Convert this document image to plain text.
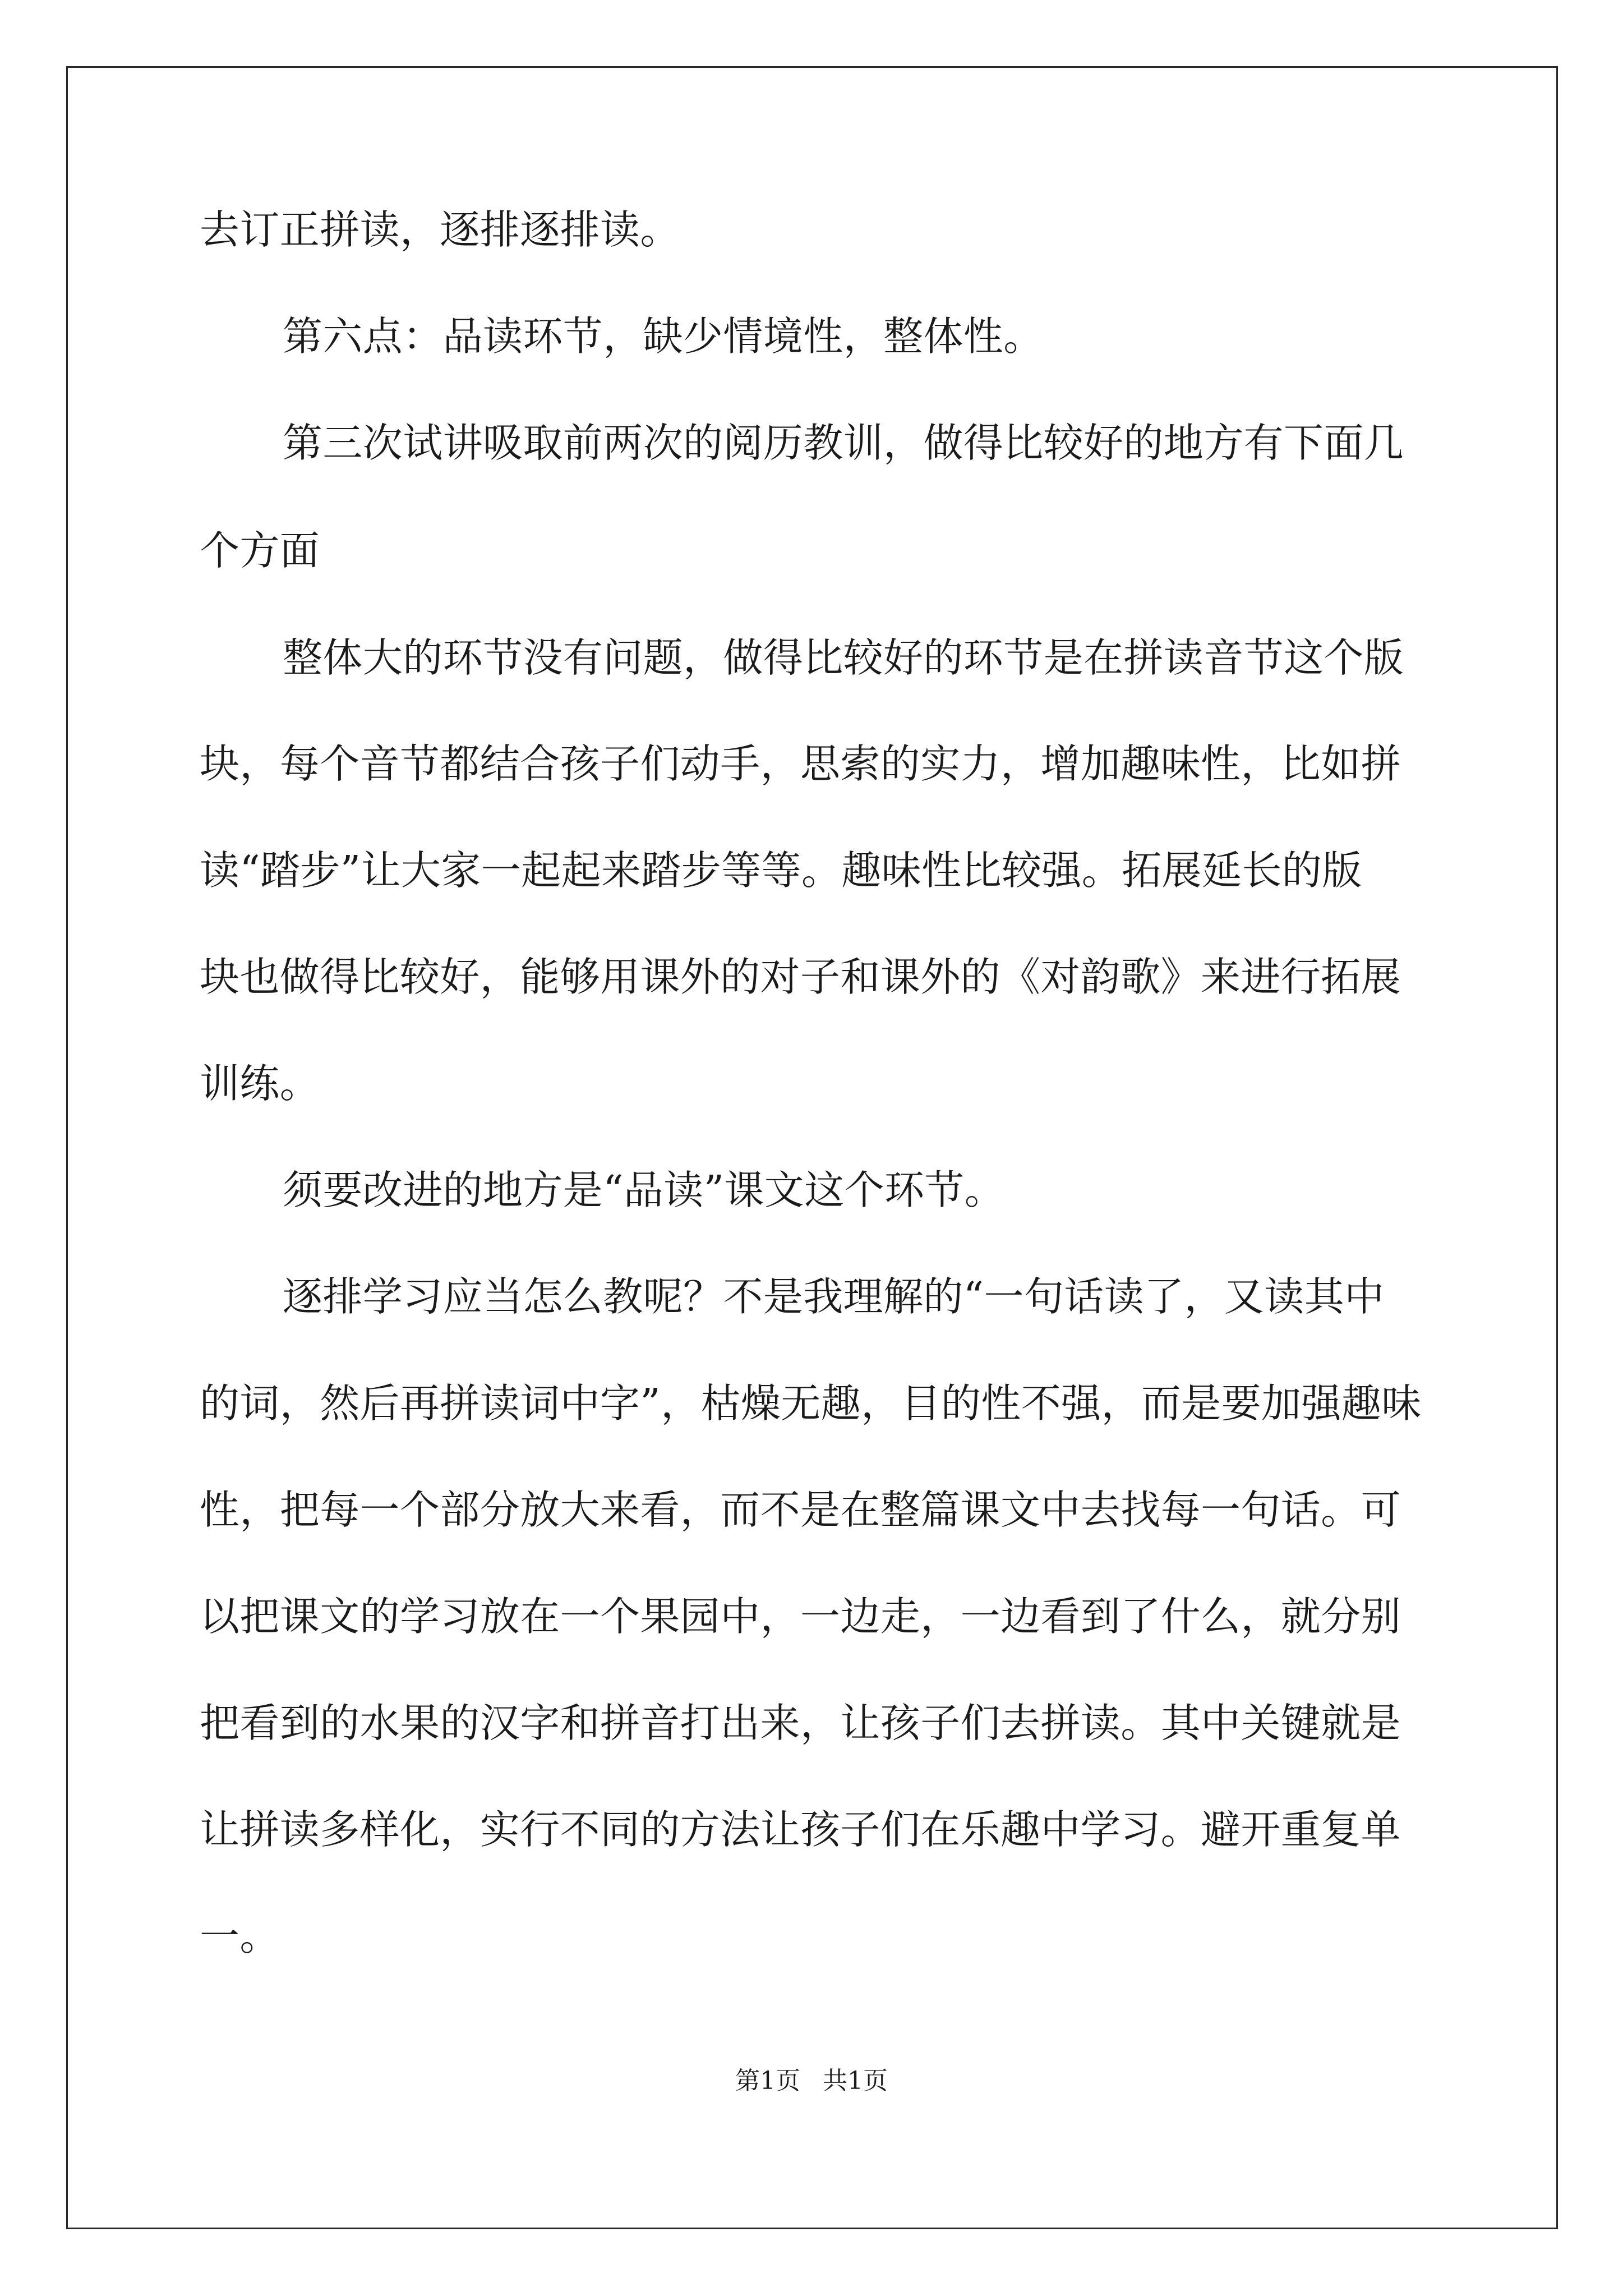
去订正拼读，逐排逐排读。
第六点：品读环节，缺少情境性，整体性。
第三次试讲吸取前两次的阅历教训，做得比较好的地方有下面几
个方面
整体大的环节没有问题，做得比较好的环节是在拼读音节这个版
块，每个音节都结合孩子们动手，思索的实力，增加趣味性，比如拼
读“踏步”让大家一起起来踏步等等。趣味性比较强。拓展延长的版
块也做得比较好，能够用课外的对子和课外的《对韵歌》来进行拓展
训练。
须要改进的地方是“品读”课文这个环节。
逐排学习应当怎么教呢？不是我理解的“一句话读了，又读其中
的词，然后再拼读词中字”，枯燥无趣，目的性不强，而是要加强趣味
性，把每一个部分放大来看，而不是在整篇课文中去找每一句话。可
以把课文的学习放在一个果园中，一边走，一边看到了什么，就分别
把看到的水果的汉字和拼音打出来，让孩子们去拼读。其中关键就是
让拼读多样化，实行不同的方法让孩子们在乐趣中学习。避开重复单
一。
第1页 共1页
